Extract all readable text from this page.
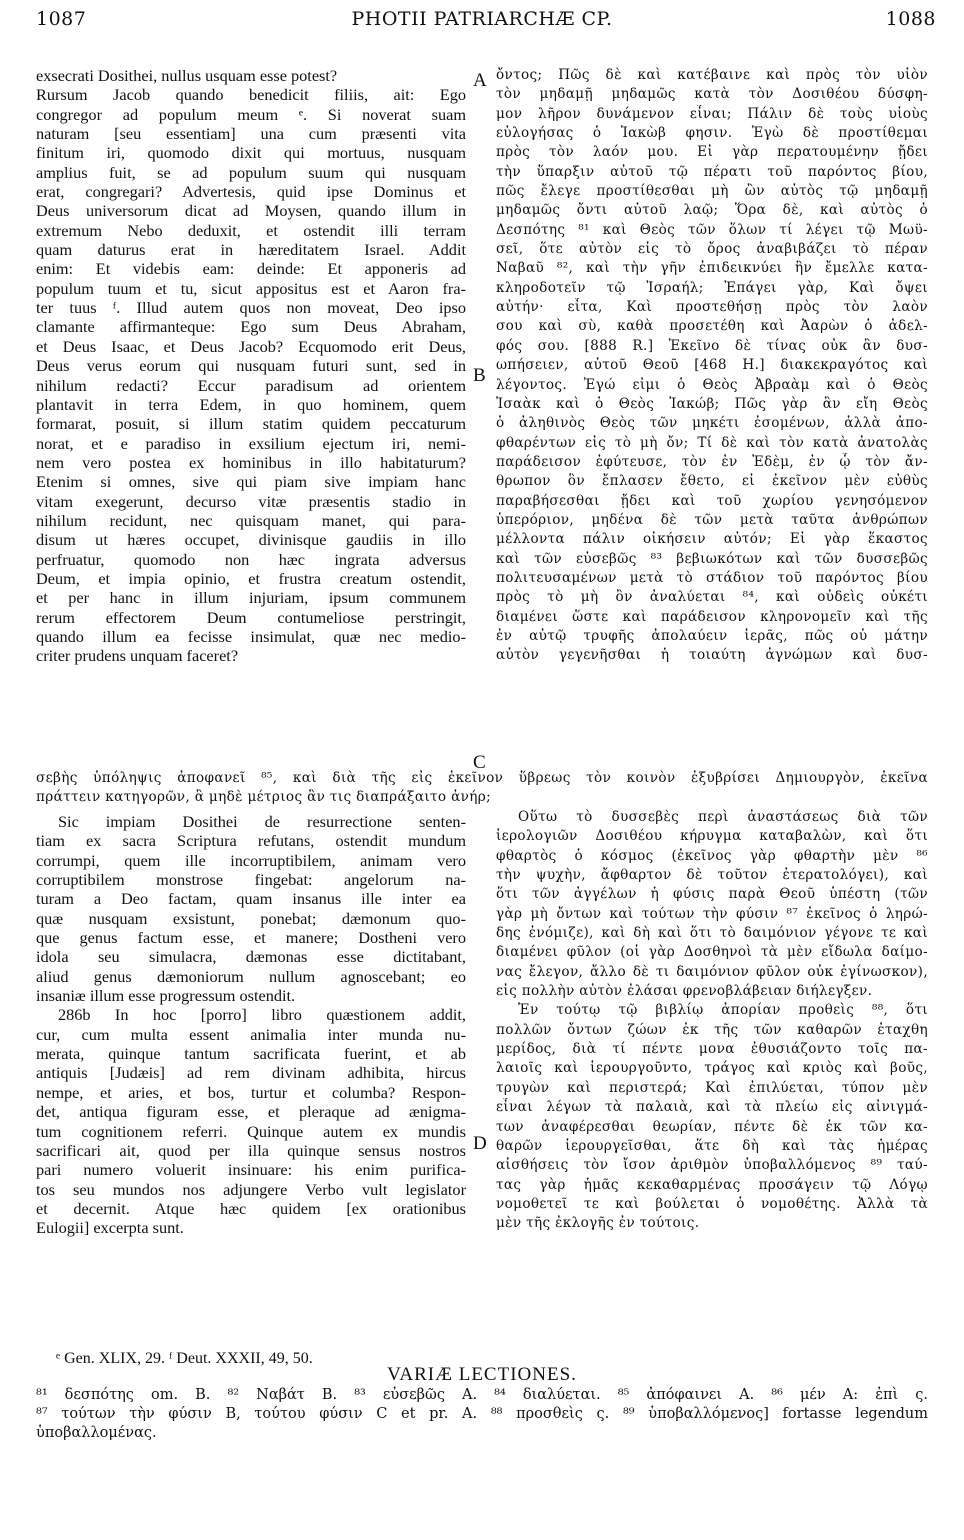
1087	PHOTII PATRIARCHÆ CP.	1088
exsecrati Dosithei, nullus usquam esse potest?
Rursum Jacob quando benedicit filiis, ait: Ego
congregor ad populum meum ᵉ. Si noverat suam
naturam [seu essentiam] una cum præsenti vita
finitum iri, quomodo dixit qui mortuus, nusquam
amplius fuit, se ad populum suum qui nusquam
erat, congregari? Advertesis, quid ipse Dominus et
Deus universorum dicat ad Moysen, quando illum in
extremum Nebo deduxit, et ostendit illi terram
quam daturus erat in hæreditatem Israel. Addit
enim: Et videbis eam: deinde: Et apponeris ad
populum tuum et tu, sicut appositus est et Aaron fra-
ter tuus ᶠ. Illud autem quos non moveat, Deo ipso
clamante affirmanteque: Ego sum Deus Abraham,
et Deus Isaac, et Deus Jacob? Ecquomodo erit Deus,
Deus verus eorum qui nusquam futuri sunt, sed in
nihilum redacti? Eccur paradisum ad orientem
plantavit in terra Edem, in quo hominem, quem
formarat, posuit, si illum statim quidem peccaturum
norat, et e paradiso in exsilium ejectum iri, nemi-
nem vero postea ex hominibus in illo habitaturum?
Etenim si omnes, sive qui piam sive impiam hanc
vitam exegerunt, decurso vitæ præsentis stadio in
nihilum recidunt, nec quisquam manet, qui para-
disum ut hæres occupet, divinisque gaudiis in illo
perfruatur, quomodo non hæc ingrata adversus
Deum, et impia opinio, et frustra creatum ostendit,
et per hanc in illum injuriam, ipsum communem
rerum effectorem Deum contumeliose perstringit,
quando illum ea fecisse insimulat, quæ nec medio-
criter prudens unquam faceret?
ὄντος; Πῶς δὲ καὶ κατέβαινε καὶ πρὸς τὸν υἱὸν
τὸν μηδαμῇ μηδαμῶς κατὰ τὸν Δοσιθέου δύσφη-
μον λῆρον δυνάμενον εἶναι; Πάλιν δὲ τοὺς υἱοὺς
εὐλογήσας ὁ Ἰακὼβ φησιν. Ἐγὼ δὲ προστίθεμαι
πρὸς τὸν λαόν μου. Εἰ γὰρ περατουμένην ᾔδει
τὴν ὕπαρξιν αὐτοῦ τῷ πέρατι τοῦ παρόντος βίου,
πῶς ἔλεγε προστίθεσθαι μὴ ὢν αὐτὸς τῷ μηδαμῇ
μηδαμῶς ὄντι αὐτοῦ λαῷ; Ὅρα δὲ, καὶ αὐτὸς ὁ
Δεσπότης ⁸¹ καὶ Θεὸς τῶν ὅλων τί λέγει τῷ Μωϋ-
σεῖ, ὅτε αὐτὸν εἰς τὸ ὄρος ἀναβιβάζει τὸ πέραν
Ναβαῦ ⁸², καὶ τὴν γῆν ἐπιδεικνύει ἣν ἔμελλε κατα-
κληροδοτεῖν τῷ Ἰσραήλ; Ἐπάγει γὰρ, Καὶ ὄψει
αὐτήν· εἶτα, Καὶ προστεθήσῃ πρὸς τὸν λαὸν
σου καὶ σὺ, καθὰ προσετέθη καὶ Ἀαρὼν ὁ ἀδελ-
φός σου. [888 R.] Ἐκεῖνο δὲ τίνας οὐκ ἂν δυσ-
ωπήσειεν, αὐτοῦ Θεοῦ [468 H.] διακεκραγότος καὶ
λέγοντος. Ἐγώ εἰμι ὁ Θεὸς Ἀβραὰμ καὶ ὁ Θεὸς
Ἰσαὰκ καὶ ὁ Θεὸς Ἰακώβ; Πῶς γὰρ ἂν εἴη Θεὸς
ὁ ἀληθινὸς Θεὸς τῶν μηκέτι ἐσομένων, ἀλλὰ ἀπο-
φθαρέντων εἰς τὸ μὴ ὄν; Τί δὲ καὶ τὸν κατὰ ἀνατολὰς
παράδεισον ἐφύτευσε, τὸν ἐν Ἐδὲμ, ἐν ᾧ τὸν ἄν-
θρωπον ὃν ἔπλασεν ἔθετο, εἰ ἐκεῖνον μὲν εὐθὺς
παραβήσεσθαι ᾔδει καὶ τοῦ χωρίου γενησόμενον
ὑπερόριον, μηδένα δὲ τῶν μετὰ ταῦτα ἀνθρώπων
μέλλοντα πάλιν οἰκήσειν αὐτόν; Εἰ γὰρ ἕκαστος
καὶ τῶν εὐσεβῶς ⁸³ βεβιωκότων καὶ τῶν δυσσεβῶς
πολιτευσαμένων μετὰ τὸ στάδιον τοῦ παρόντος βίου
πρὸς τὸ μὴ ὂν ἀναλύεται ⁸⁴, καὶ οὐδεὶς οὐκέτι
διαμένει ὥστε καὶ παράδεισον κληρονομεῖν καὶ τῆς
ἐν αὐτῷ τρυφῆς ἀπολαύειν ἱερᾶς, πῶς οὐ μάτην
αὐτὸν γεγενῆσθαι ἡ τοιαύτη ἀγνώμων καὶ δυσ-
A
B
C
D
σεβὴς ὑπόληψις ἀποφανεῖ ⁸⁵, καὶ διὰ τῆς εἰς ἐκεῖνον ὕβρεως τὸν κοινὸν ἐξυβρίσει Δημιουργὸν, ἐκεῖνα
πράττειν κατηγορῶν, ἃ μηδὲ μέτριος ἂν τις διαπράξαιτο ἀνήρ;
Sic impiam Dosithei de resurrectione senten-
tiam ex sacra Scriptura refutans, ostendit mundum
corrumpi, quem ille incorruptibilem, animam vero
corruptibilem monstrose fingebat: angelorum na-
turam a Deo factam, quam insanus ille inter ea
quæ nusquam exsistunt, ponebat; dæmonum quo-
que genus factum esse, et manere; Dostheni vero
idola seu simulacra, dæmonas esse dictitabant,
aliud genus dæmoniorum nullum agnoscebant; eo
insaniæ illum esse progressum ostendit.
286b In hoc [porro] libro quæstionem addit,
cur, cum multa essent animalia inter munda nu-
merata, quinque tantum sacrificata fuerint, et ab
antiquis [Judæis] ad rem divinam adhibita, hircus
nempe, et aries, et bos, turtur et columba? Respon-
det, antiqua figuram esse, et pleraque ad ænigma-
tum cognitionem referri. Quinque autem ex mundis
sacrificari ait, quod per illa quinque sensus nostros
pari numero voluerit insinuare: his enim purifica-
tos seu mundos nos adjungere Verbo vult legislator
et decernit. Atque hæc quidem [ex orationibus
Eulogii] excerpta sunt.
Οὕτω τὸ δυσσεβὲς περὶ ἀναστάσεως διὰ τῶν
ἱερολογιῶν Δοσιθέου κήρυγμα καταβαλὼν, καὶ ὅτι
φθαρτὸς ὁ κόσμος (ἐκεῖνος γὰρ φθαρτὴν μὲν ⁸⁶
τὴν ψυχὴν, ἄφθαρτον δὲ τοῦτον ἐτερατολόγει), καὶ
ὅτι τῶν ἀγγέλων ἡ φύσις παρὰ Θεοῦ ὑπέστη (τῶν
γὰρ μὴ ὄντων καὶ τούτων τὴν φύσιν ⁸⁷ ἐκεῖνος ὁ ληρώ-
δης ἐνόμιζε), καὶ δὴ καὶ ὅτι τὸ δαιμόνιον γέγονε τε καὶ
διαμένει φῦλον (οἱ γὰρ Δοσθηνοὶ τὰ μὲν εἴδωλα δαίμο-
νας ἔλεγον, ἄλλο δὲ τι δαιμόνιον φῦλον οὐκ ἐγίνωσκον),
εἰς πολλὴν αὐτὸν ἐλάσαι φρενοβλάβειαν διήλεγξεν.
Ἐν τούτῳ τῷ βιβλίῳ ἀπορίαν προθεὶς ⁸⁸, ὅτι
πολλῶν ὄντων ζώων ἐκ τῆς τῶν καθαρῶν ἐταχθη
μερίδος, διὰ τί πέντε μονα ἐθυσιάζοντο τοῖς πα-
λαιοῖς καὶ ἱερουργοῦντο, τράγος καὶ κριὸς καὶ βοῦς,
τρυγὼν καὶ περιστερά; Καὶ ἐπιλύεται, τύπον μὲν
εἶναι λέγων τὰ παλαιὰ, καὶ τὰ πλείω εἰς αἰνιγμά-
των ἀναφέρεσθαι θεωρίαν, πέντε δὲ ἐκ τῶν κα-
θαρῶν ἱερουργεῖσθαι, ἅτε δὴ καὶ τὰς ἡμέρας
αἰσθήσεις τὸν ἴσον ἀριθμὸν ὑποβαλλόμενος ⁸⁹ ταύ-
τας γὰρ ἡμᾶς κεκαθαρμένας προσάγειν τῷ Λόγῳ
νομοθετεῖ τε καὶ βούλεται ὁ νομοθέτης. Ἀλλὰ τὰ
μὲν τῆς ἐκλογῆς ἐν τούτοις.
ᵉ Gen. XLIX, 29. ᶠ Deut. XXXII, 49, 50.
VARIÆ LECTIONES.
⁸¹ δεσπότης om. B. ⁸² Ναβάτ B. ⁸³ εὐσεβῶς A. ⁸⁴ διαλύεται. ⁸⁵ ἀπόφαινει A. ⁸⁶ μέν A: ἐπὶ ς.
⁸⁷ τούτων τὴν φύσιν B, τούτου φύσιν C et pr. A. ⁸⁸ προσθεὶς ς. ⁸⁹ ὑποβαλλόμενος] fortasse legendum
ὑποβαλλομένας.
